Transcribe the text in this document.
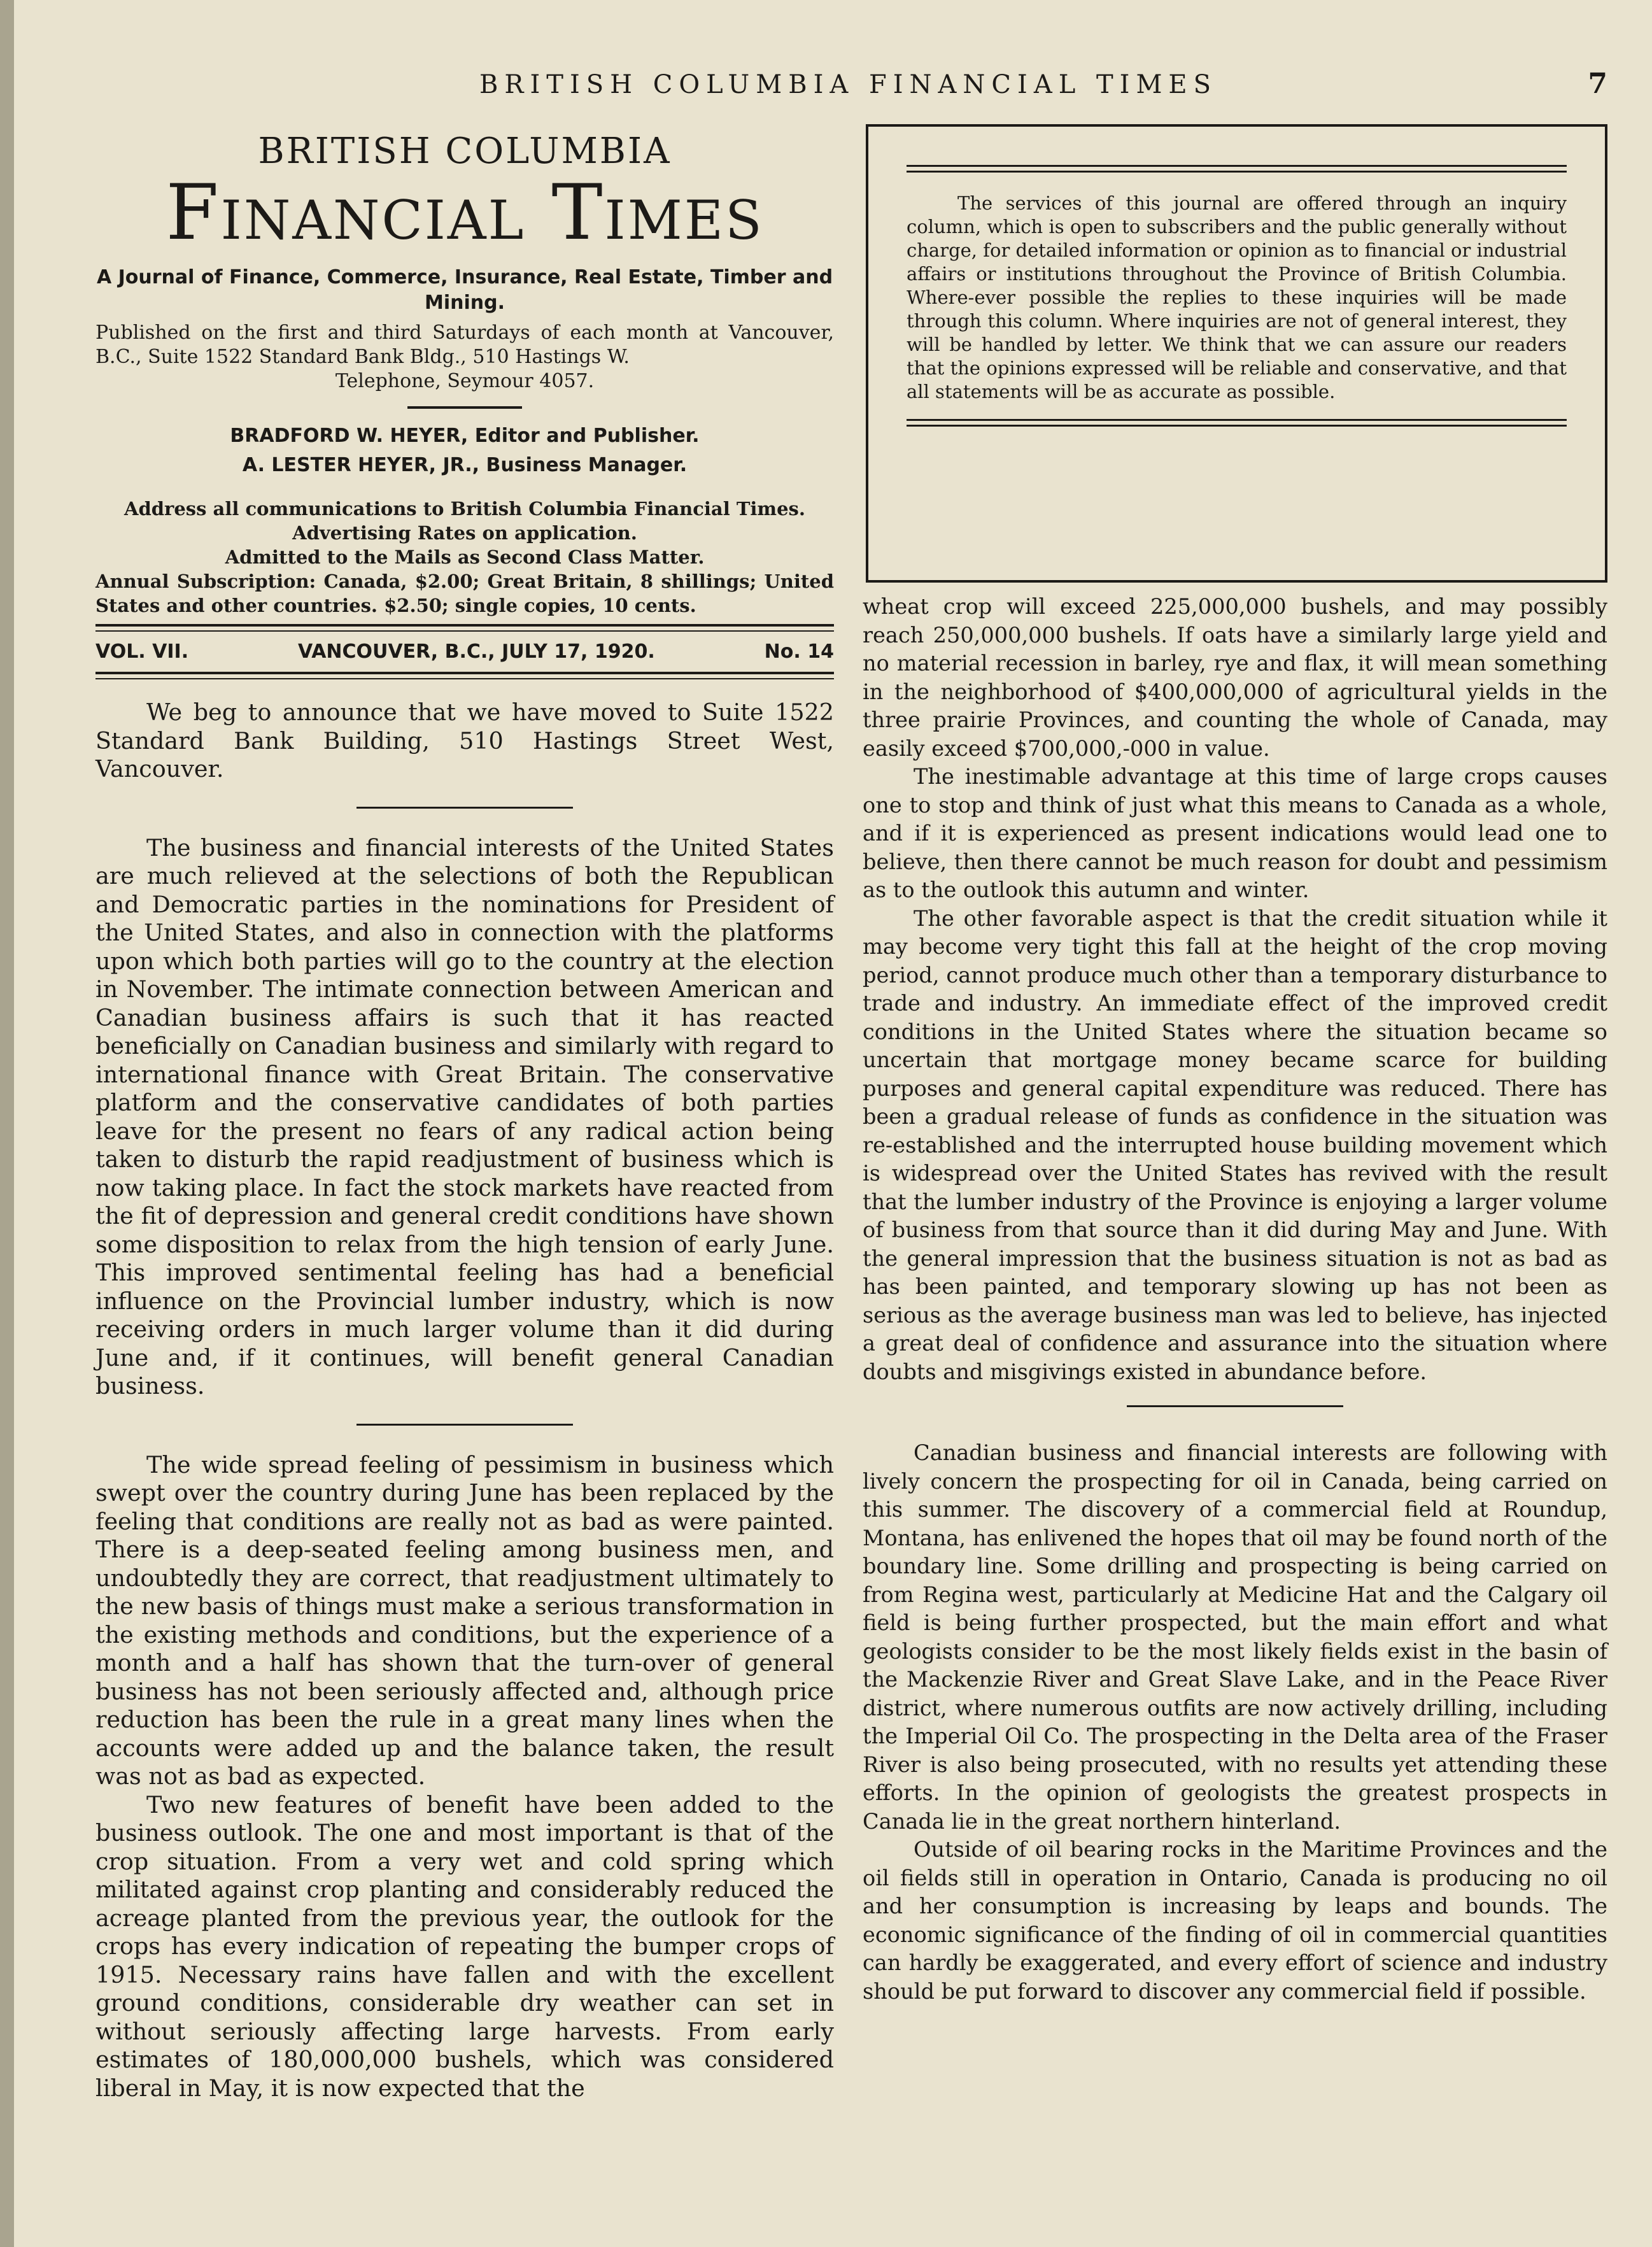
BRITISH COLUMBIA FINANCIAL TIMES	7
BRITISH COLUMBIA
Financial Times
A Journal of Finance, Commerce, Insurance, Real Estate, Timber and Mining.
Published on the first and third Saturdays of each month at Vancouver, B.C., Suite 1522 Standard Bank Bldg., 510 Hastings W.
Telephone, Seymour 4057.
BRADFORD W. HEYER, Editor and Publisher.
A. LESTER HEYER, JR., Business Manager.
Address all communications to British Columbia Financial Times.
Advertising Rates on application.
Admitted to the Mails as Second Class Matter.
Annual Subscription: Canada, $2.00; Great Britain, 8 shillings; United States and other countries. $2.50; single copies, 10 cents.
VOL. VII.	VANCOUVER, B.C., JULY 17, 1920.	No. 14

We beg to announce that we have moved to Suite 1522 Standard Bank Building, 510 Hastings Street West, Vancouver.

The business and financial interests of the United States are much relieved at the selections of both the Republican and Democratic parties in the nominations for President of the United States, and also in connection with the platforms upon which both parties will go to the country at the election in November. The intimate connection between American and Canadian business affairs is such that it has reacted beneficially on Canadian business and similarly with regard to international finance with Great Britain. The conservative platform and the conservative candidates of both parties leave for the present no fears of any radical action being taken to disturb the rapid readjustment of business which is now taking place. In fact the stock markets have reacted from the fit of depression and general credit conditions have shown some disposition to relax from the high tension of early June. This improved sentimental feeling has had a beneficial influence on the Provincial lumber industry, which is now receiving orders in much larger volume than it did during June and, if it continues, will benefit general Canadian business.

The wide spread feeling of pessimism in business which swept over the country during June has been replaced by the feeling that conditions are really not as bad as were painted. There is a deep-seated feeling among business men, and undoubtedly they are correct, that readjustment ultimately to the new basis of things must make a serious transformation in the existing methods and conditions, but the experience of a month and a half has shown that the turn-over of general business has not been seriously affected and, although price reduction has been the rule in a great many lines when the accounts were added up and the balance taken, the result was not as bad as expected.

Two new features of benefit have been added to the business outlook. The one and most important is that of the crop situation. From a very wet and cold spring which militated against crop planting and considerably reduced the acreage planted from the previous year, the outlook for the crops has every indication of repeating the bumper crops of 1915. Necessary rains have fallen and with the excellent ground conditions, considerable dry weather can set in without seriously affecting large harvests. From early estimates of 180,000,000 bushels, which was considered liberal in May, it is now expected that the

The services of this journal are offered through an inquiry column, which is open to subscribers and the public generally without charge, for detailed information or opinion as to financial or industrial affairs or institutions throughout the Province of British Columbia. Where-ever possible the replies to these inquiries will be made through this column. Where inquiries are not of general interest, they will be handled by letter. We think that we can assure our readers that the opinions expressed will be reliable and conservative, and that all statements will be as accurate as possible.

wheat crop will exceed 225,000,000 bushels, and may possibly reach 250,000,000 bushels. If oats have a similarly large yield and no material recession in barley, rye and flax, it will mean something in the neighborhood of $400,000,000 of agricultural yields in the three prairie Provinces, and counting the whole of Canada, may easily exceed $700,000,-000 in value.

The inestimable advantage at this time of large crops causes one to stop and think of just what this means to Canada as a whole, and if it is experienced as present indications would lead one to believe, then there cannot be much reason for doubt and pessimism as to the outlook this autumn and winter.

The other favorable aspect is that the credit situation while it may become very tight this fall at the height of the crop moving period, cannot produce much other than a temporary disturbance to trade and industry. An immediate effect of the improved credit conditions in the United States where the situation became so uncertain that mortgage money became scarce for building purposes and general capital expenditure was reduced. There has been a gradual release of funds as confidence in the situation was re-established and the interrupted house building movement which is widespread over the United States has revived with the result that the lumber industry of the Province is enjoying a larger volume of business from that source than it did during May and June. With the general impression that the business situation is not as bad as has been painted, and temporary slowing up has not been as serious as the average business man was led to believe, has injected a great deal of confidence and assurance into the situation where doubts and misgivings existed in abundance before.

Canadian business and financial interests are following with lively concern the prospecting for oil in Canada, being carried on this summer. The discovery of a commercial field at Roundup, Montana, has enlivened the hopes that oil may be found north of the boundary line. Some drilling and prospecting is being carried on from Regina west, particularly at Medicine Hat and the Calgary oil field is being further prospected, but the main effort and what geologists consider to be the most likely fields exist in the basin of the Mackenzie River and Great Slave Lake, and in the Peace River district, where numerous outfits are now actively drilling, including the Imperial Oil Co. The prospecting in the Delta area of the Fraser River is also being prosecuted, with no results yet attending these efforts. In the opinion of geologists the greatest prospects in Canada lie in the great northern hinterland.

Outside of oil bearing rocks in the Maritime Provinces and the oil fields still in operation in Ontario, Canada is producing no oil and her consumption is increasing by leaps and bounds. The economic significance of the finding of oil in commercial quantities can hardly be exaggerated, and every effort of science and industry should be put forward to discover any commercial field if possible.
